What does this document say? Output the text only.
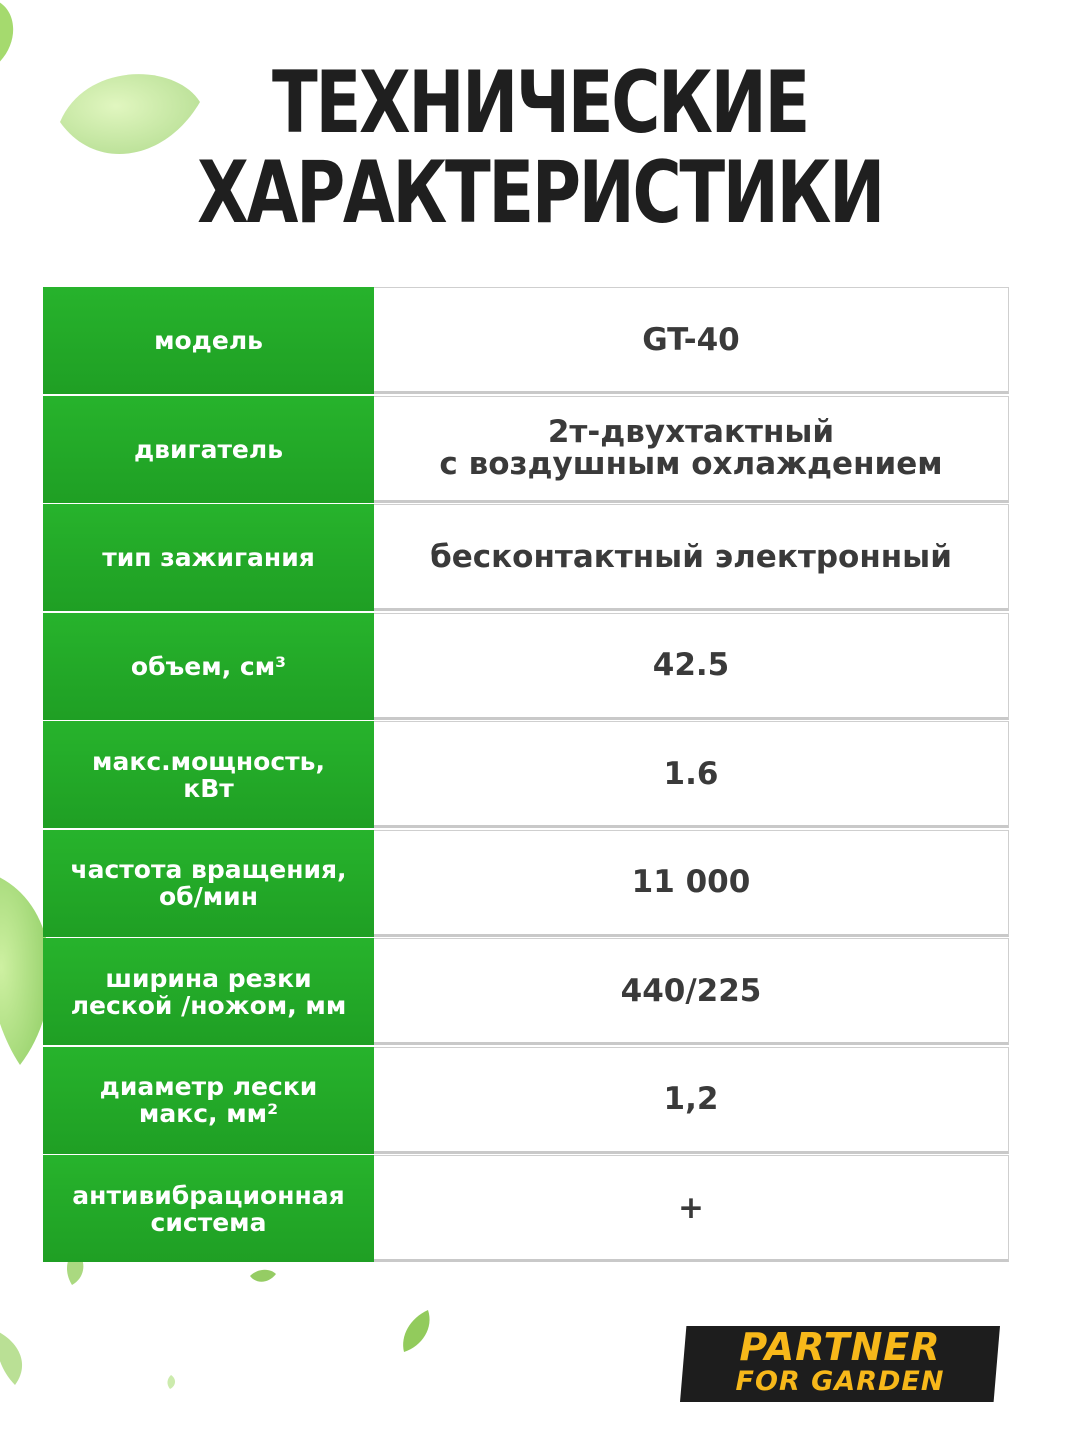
ТЕХНИЧЕСКИЕ
ХАРАКТЕРИСТИКИ
модель	GT-40
двигатель	2т-двухтактный
с воздушным охлаждением
тип зажигания	бесконтактный электронный
объем, см³	42.5
макс.мощность,
кВт	1.6
частота вращения,
об/мин	11 000
ширина резки
леской /ножом, мм	440/225
диаметр лески
макс, мм²	1,2
антивибрационная
система	+
PARTNER
FOR GARDEN
